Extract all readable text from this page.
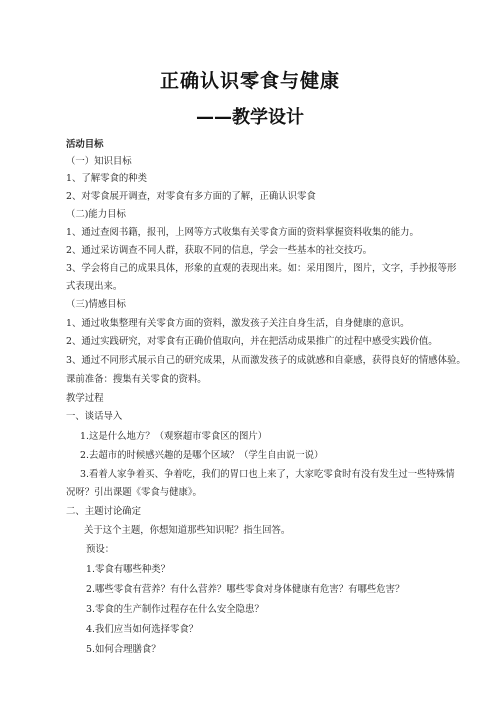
正确认识零食与健康
——教学设计
活动目标
（一）知识目标
1、了解零食的种类
2、对零食展开调查，对零食有多方面的了解，正确认识零食
（二)能力目标
1、通过查阅书籍，报刊，上网等方式收集有关零食方面的资料掌握资料收集的能力。
2、通过采访调查不同人群，获取不同的信息，学会一些基本的社交技巧。
3、学会将自己的成果具体，形象的直观的表现出来。如：采用图片，图片，文字，手抄报等形
式表现出来。
（三)情感目标
1、通过收集整理有关零食方面的资料，激发孩子关注自身生活，自身健康的意识。
2、通过实践研究，对零食有正确价值取向，并在把活动成果推广的过程中感受实践价值。
3、通过不同形式展示自己的研究成果，从而激发孩子的成就感和自豪感，获得良好的情感体验。
课前准备：搜集有关零食的资料。
教学过程
一、谈话导入
1.这是什么地方？（观察超市零食区的图片）
2.去超市的时候感兴趣的是哪个区域？（学生自由说一说）
3.看着人家争着买、争着吃，我们的胃口也上来了，大家吃零食时有没有发生过一些特殊情
况呀？引出课题《零食与健康》。
二、主题讨论确定
关于这个主题，你想知道那些知识呢？指生回答。
预设：
1.零食有哪些种类？
2.哪些零食有营养？有什么营养？哪些零食对身体健康有危害？有哪些危害？
3.零食的生产制作过程存在什么安全隐患？
4.我们应当如何选择零食？
5.如何合理膳食？
